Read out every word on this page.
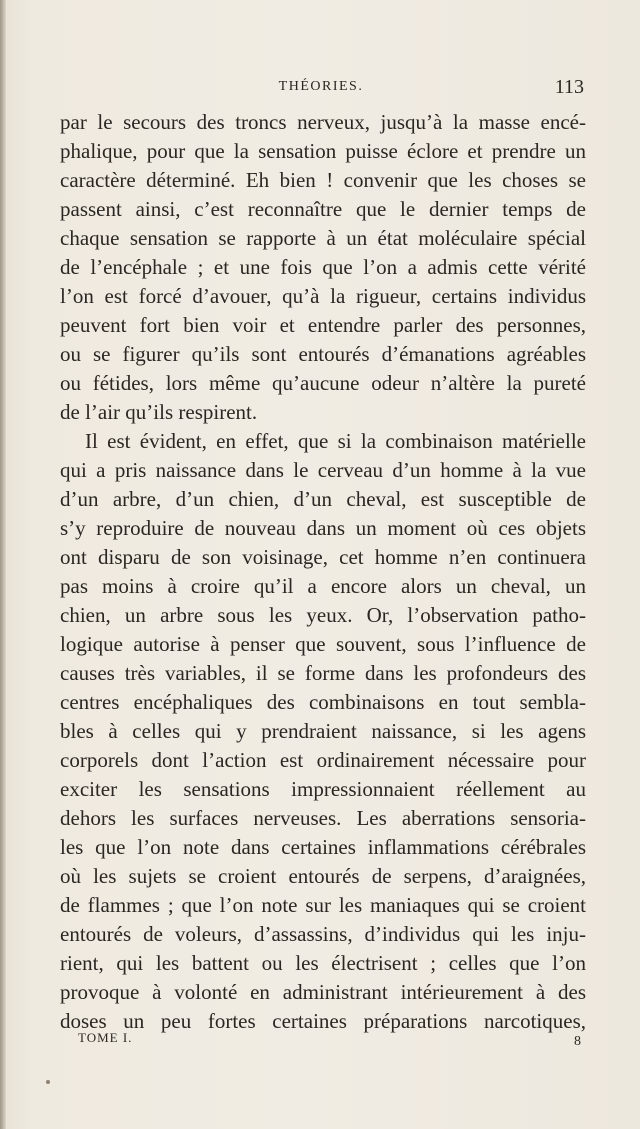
THÉORIES.	113
par le secours des troncs nerveux, jusqu’à la masse encé-
phalique, pour que la sensation puisse éclore et prendre un
caractère déterminé. Eh bien ! convenir que les choses se
passent ainsi, c’est reconnaître que le dernier temps de
chaque sensation se rapporte à un état moléculaire spécial
de l’encéphale ; et une fois que l’on a admis cette vérité
l’on est forcé d’avouer, qu’à la rigueur, certains individus
peuvent fort bien voir et entendre parler des personnes,
ou se figurer qu’ils sont entourés d’émanations agréables
ou fétides, lors même qu’aucune odeur n’altère la pureté
de l’air qu’ils respirent.
Il est évident, en effet, que si la combinaison matérielle
qui a pris naissance dans le cerveau d’un homme à la vue
d’un arbre, d’un chien, d’un cheval, est susceptible de
s’y reproduire de nouveau dans un moment où ces objets
ont disparu de son voisinage, cet homme n’en continuera
pas moins à croire qu’il a encore alors un cheval, un
chien, un arbre sous les yeux. Or, l’observation patho-
logique autorise à penser que souvent, sous l’influence de
causes très variables, il se forme dans les profondeurs des
centres encéphaliques des combinaisons en tout sembla-
bles à celles qui y prendraient naissance, si les agens
corporels dont l’action est ordinairement nécessaire pour
exciter les sensations impressionnaient réellement au
dehors les surfaces nerveuses. Les aberrations sensoria-
les que l’on note dans certaines inflammations cérébrales
où les sujets se croient entourés de serpens, d’araignées,
de flammes ; que l’on note sur les maniaques qui se croient
entourés de voleurs, d’assassins, d’individus qui les inju-
rient, qui les battent ou les électrisent ; celles que l’on
provoque à volonté en administrant intérieurement à des
doses un peu fortes certaines préparations narcotiques,
TOME I.	8
